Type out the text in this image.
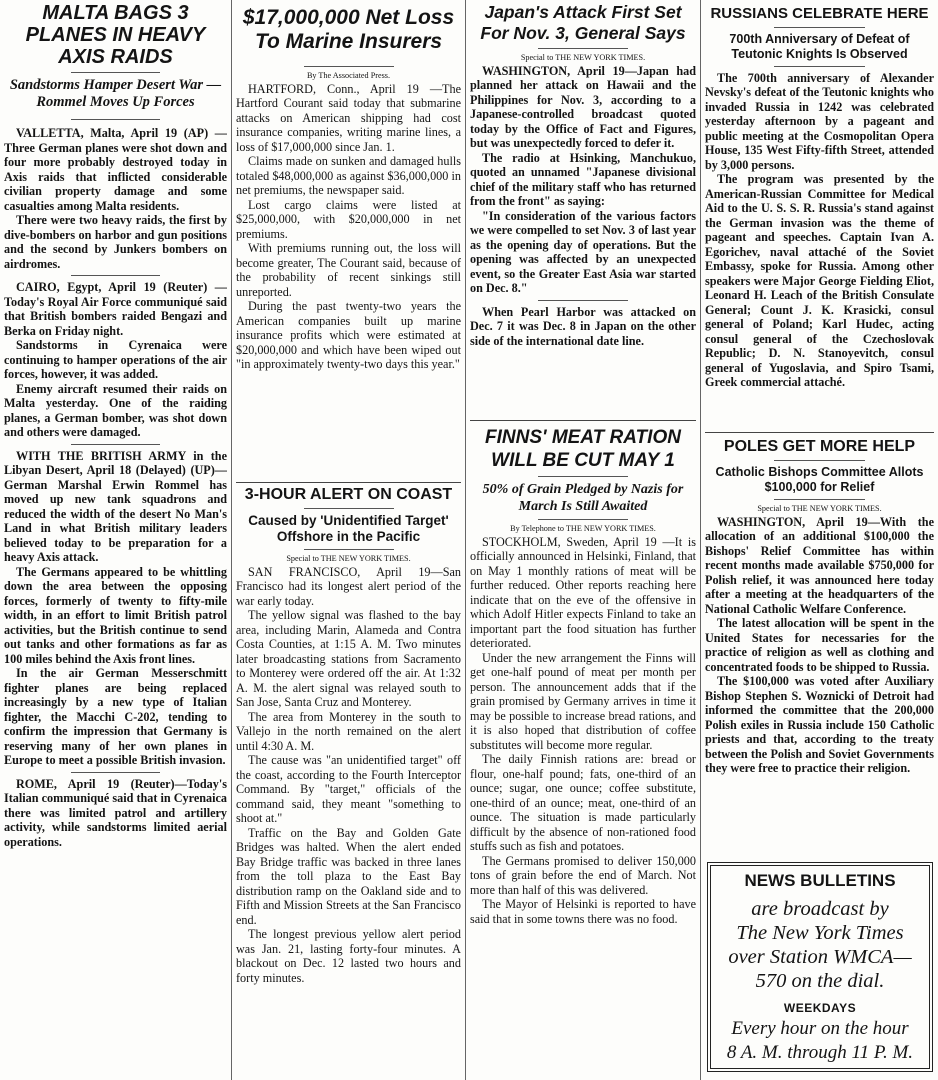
MALTA BAGS 3 PLANES IN HEAVY AXIS RAIDS
Sandstorms Hamper Desert War —Rommel Moves Up Forces

VALLETTA, Malta, April 19 (AP) —Three German planes were shot down and four more probably destroyed today in Axis raids that inflicted considerable civilian property damage and some casualties among Malta residents.

There were two heavy raids, the first by dive-bombers on harbor and gun positions and the second by Junkers bombers on airdromes.

CAIRO, Egypt, April 19 (Reuter) —Today's Royal Air Force communiqué said that British bombers raided Bengazi and Berka on Friday night.

Sandstorms in Cyrenaica were continuing to hamper operations of the air forces, however, it was added.

Enemy aircraft resumed their raids on Malta yesterday. One of the raiding planes, a German bomber, was shot down and others were damaged.

WITH THE BRITISH ARMY in the Libyan Desert, April 18 (Delayed) (UP)—German Marshal Erwin Rommel has moved up new tank squadrons and reduced the width of the desert No Man's Land in what British military leaders believed today to be preparation for a heavy Axis attack.

The Germans appeared to be whittling down the area between the opposing forces, formerly of twenty to fifty-mile width, in an effort to limit British patrol activities, but the British continue to send out tanks and other formations as far as 100 miles behind the Axis front lines.

In the air German Messerschmitt fighter planes are being replaced increasingly by a new type of Italian fighter, the Macchi C-202, tending to confirm the impression that Germany is reserving many of her own planes in Europe to meet a possible British invasion.

ROME, April 19 (Reuter)—Today's Italian communiqué said that in Cyrenaica there was limited patrol and artillery activity, while sandstorms limited aerial operations.

$17,000,000 Net Loss To Marine Insurers
By The Associated Press.

HARTFORD, Conn., April 19 —The Hartford Courant said today that submarine attacks on American shipping had cost insurance companies, writing marine lines, a loss of $17,000,000 since Jan. 1.

Claims made on sunken and damaged hulls totaled $48,000,000 as against $36,000,000 in net premiums, the newspaper said.

Lost cargo claims were listed at $25,000,000, with $20,000,000 in net premiums.

With premiums running out, the loss will become greater, The Courant said, because of the probability of recent sinkings still unreported.

During the past twenty-two years the American companies built up marine insurance profits which were estimated at $20,000,000 and which have been wiped out "in approximately twenty-two days this year."

3-HOUR ALERT ON COAST
Caused by 'Unidentified Target' Offshore in the Pacific
Special to THE NEW YORK TIMES.

SAN FRANCISCO, April 19—San Francisco had its longest alert period of the war early today.

The yellow signal was flashed to the bay area, including Marin, Alameda and Contra Costa Counties, at 1:15 A. M. Two minutes later broadcasting stations from Sacramento to Monterey were ordered off the air. At 1:32 A. M. the alert signal was relayed south to San Jose, Santa Cruz and Monterey.

The area from Monterey in the south to Vallejo in the north remained on the alert until 4:30 A. M.

The cause was "an unidentified target" off the coast, according to the Fourth Interceptor Command. By "target," officials of the command said, they meant "something to shoot at."

Traffic on the Bay and Golden Gate Bridges was halted. When the alert ended Bay Bridge traffic was backed in three lanes from the toll plaza to the East Bay distribution ramp on the Oakland side and to Fifth and Mission Streets at the San Francisco end.

The longest previous yellow alert period was Jan. 21, lasting forty-four minutes. A blackout on Dec. 12 lasted two hours and forty minutes.

Japan's Attack First Set For Nov. 3, General Says
Special to THE NEW YORK TIMES.

WASHINGTON, April 19—Japan had planned her attack on Hawaii and the Philippines for Nov. 3, according to a Japanese-controlled broadcast quoted today by the Office of Fact and Figures, but was unexpectedly forced to defer it.

The radio at Hsinking, Manchukuo, quoted an unnamed "Japanese divisional chief of the military staff who has returned from the front" as saying:

"In consideration of the various factors we were compelled to set Nov. 3 of last year as the opening day of operations. But the opening was affected by an unexpected event, so the Greater East Asia war started on Dec. 8."

When Pearl Harbor was attacked on Dec. 7 it was Dec. 8 in Japan on the other side of the international date line.

FINNS' MEAT RATION WILL BE CUT MAY 1
50% of Grain Pledged by Nazis for March Is Still Awaited
By Telephone to THE NEW YORK TIMES.

STOCKHOLM, Sweden, April 19 —It is officially announced in Helsinki, Finland, that on May 1 monthly rations of meat will be further reduced. Other reports reaching here indicate that on the eve of the offensive in which Adolf Hitler expects Finland to take an important part the food situation has further deteriorated.

Under the new arrangement the Finns will get one-half pound of meat per month per person. The announcement adds that if the grain promised by Germany arrives in time it may be possible to increase bread rations, and it is also hoped that distribution of coffee substitutes will become more regular.

The daily Finnish rations are: bread or flour, one-half pound; fats, one-third of an ounce; sugar, one ounce; coffee substitute, one-third of an ounce; meat, one-third of an ounce. The situation is made particularly difficult by the absence of non-rationed food stuffs such as fish and potatoes.

The Germans promised to deliver 150,000 tons of grain before the end of March. Not more than half of this was delivered.

The Mayor of Helsinki is reported to have said that in some towns there was no food.

RUSSIANS CELEBRATE HERE
700th Anniversary of Defeat of Teutonic Knights Is Observed

The 700th anniversary of Alexander Nevsky's defeat of the Teutonic knights who invaded Russia in 1242 was celebrated yesterday afternoon by a pageant and public meeting at the Cosmopolitan Opera House, 135 West Fifty-fifth Street, attended by 3,000 persons.

The program was presented by the American-Russian Committee for Medical Aid to the U. S. S. R. Russia's stand against the German invasion was the theme of pageant and speeches. Captain Ivan A. Egorichev, naval attaché of the Soviet Embassy, spoke for Russia. Among other speakers were Major George Fielding Eliot, Leonard H. Leach of the British Consulate General; Count J. K. Krasicki, consul general of Poland; Karl Hudec, acting consul general of the Czechoslovak Republic; D. N. Stanoyevitch, consul general of Yugoslavia, and Spiro Tsami, Greek commercial attaché.

POLES GET MORE HELP
Catholic Bishops Committee Allots $100,000 for Relief
Special to THE NEW YORK TIMES.

WASHINGTON, April 19—With the allocation of an additional $100,000 the Bishops' Relief Committee has within recent months made available $750,000 for Polish relief, it was announced here today after a meeting at the headquarters of the National Catholic Welfare Conference.

The latest allocation will be spent in the United States for necessaries for the practice of religion as well as clothing and concentrated foods to be shipped to Russia.

The $100,000 was voted after Auxiliary Bishop Stephen S. Woznicki of Detroit had informed the committee that the 200,000 Polish exiles in Russia include 150 Catholic priests and that, according to the treaty between the Polish and Soviet Governments they were free to practice their religion.

NEWS BULLETINS
are broadcast by
The New York Times
over Station WMCA—
570 on the dial.
WEEKDAYS
Every hour on the hour
8 A. M. through 11 P. M.
